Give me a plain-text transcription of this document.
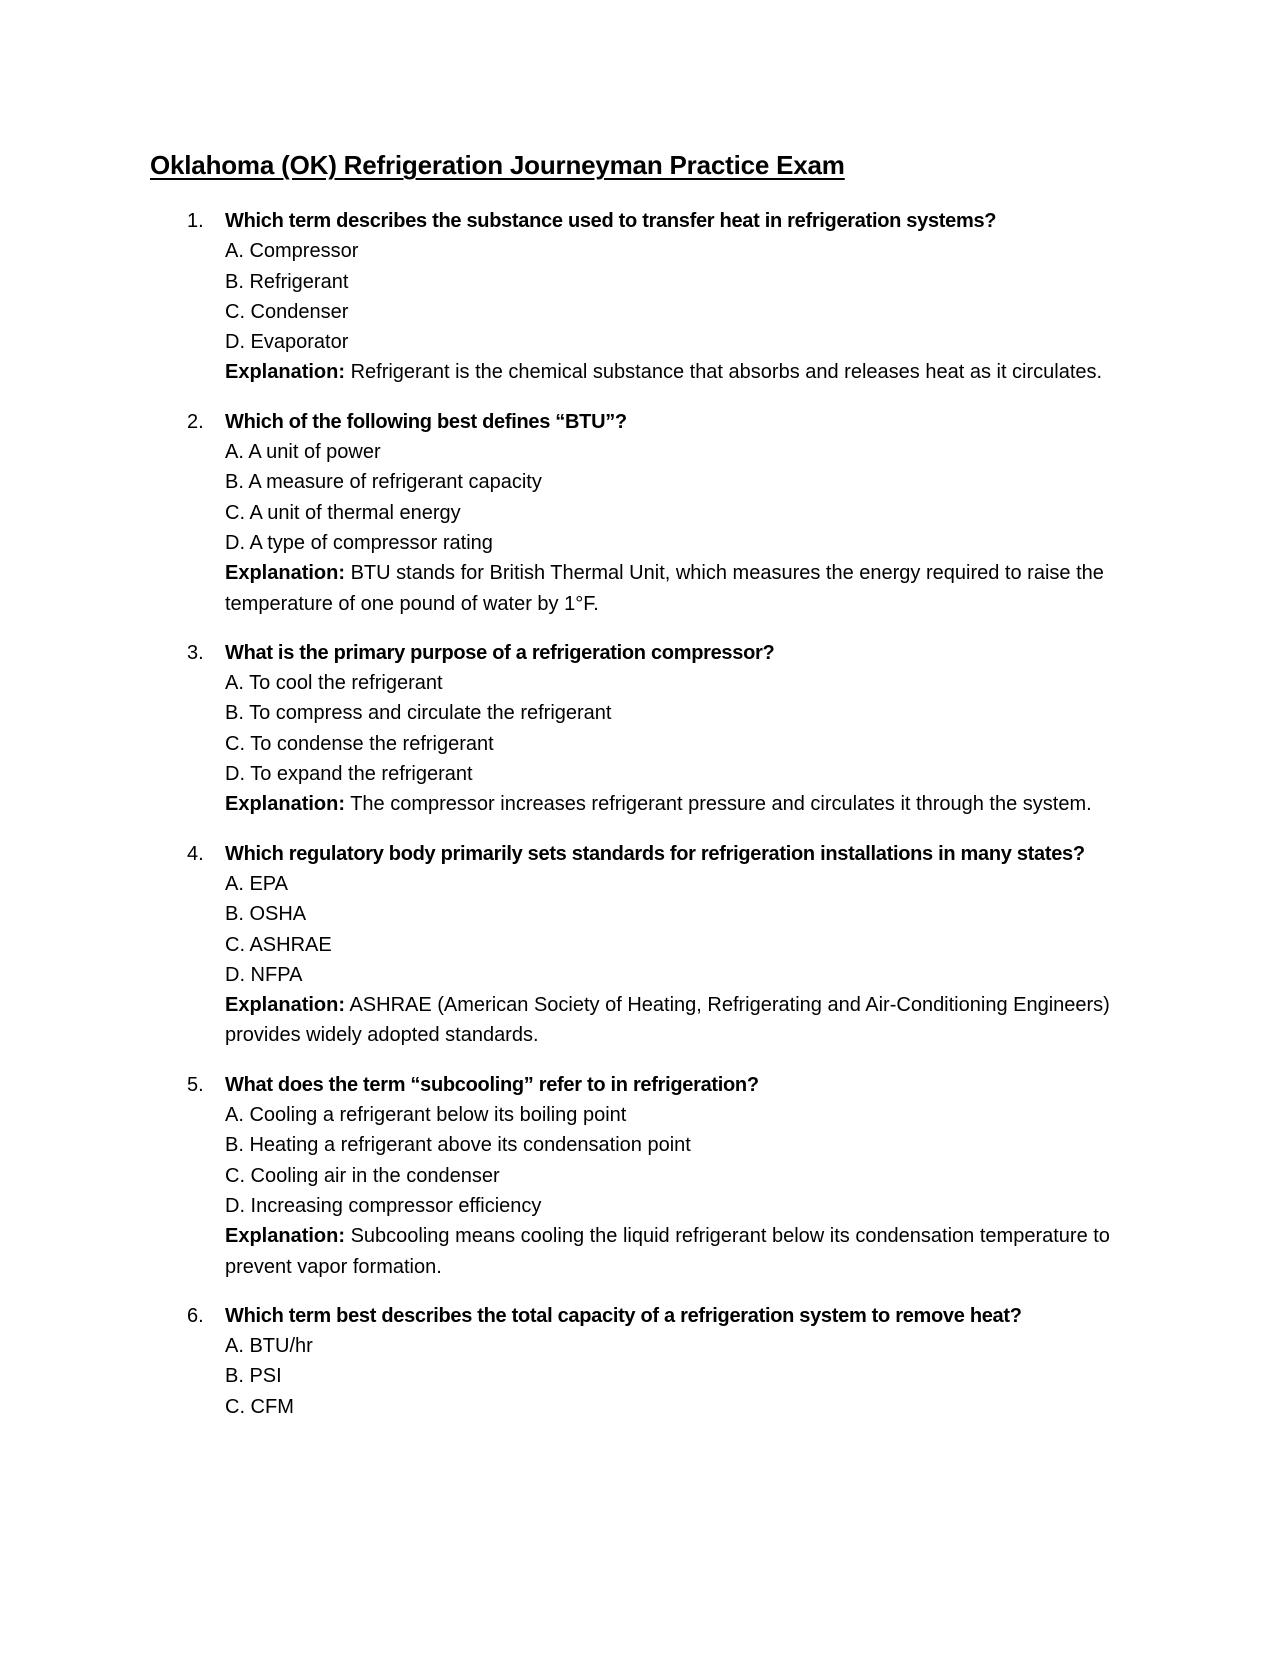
Oklahoma (OK) Refrigeration Journeyman Practice Exam
1. Which term describes the substance used to transfer heat in refrigeration systems?
A. Compressor
B. Refrigerant
C. Condenser
D. Evaporator
Explanation: Refrigerant is the chemical substance that absorbs and releases heat as it circulates.
2. Which of the following best defines “BTU”?
A. A unit of power
B. A measure of refrigerant capacity
C. A unit of thermal energy
D. A type of compressor rating
Explanation: BTU stands for British Thermal Unit, which measures the energy required to raise the temperature of one pound of water by 1°F.
3. What is the primary purpose of a refrigeration compressor?
A. To cool the refrigerant
B. To compress and circulate the refrigerant
C. To condense the refrigerant
D. To expand the refrigerant
Explanation: The compressor increases refrigerant pressure and circulates it through the system.
4. Which regulatory body primarily sets standards for refrigeration installations in many states?
A. EPA
B. OSHA
C. ASHRAE
D. NFPA
Explanation: ASHRAE (American Society of Heating, Refrigerating and Air-Conditioning Engineers) provides widely adopted standards.
5. What does the term “subcooling” refer to in refrigeration?
A. Cooling a refrigerant below its boiling point
B. Heating a refrigerant above its condensation point
C. Cooling air in the condenser
D. Increasing compressor efficiency
Explanation: Subcooling means cooling the liquid refrigerant below its condensation temperature to prevent vapor formation.
6. Which term best describes the total capacity of a refrigeration system to remove heat?
A. BTU/hr
B. PSI
C. CFM
